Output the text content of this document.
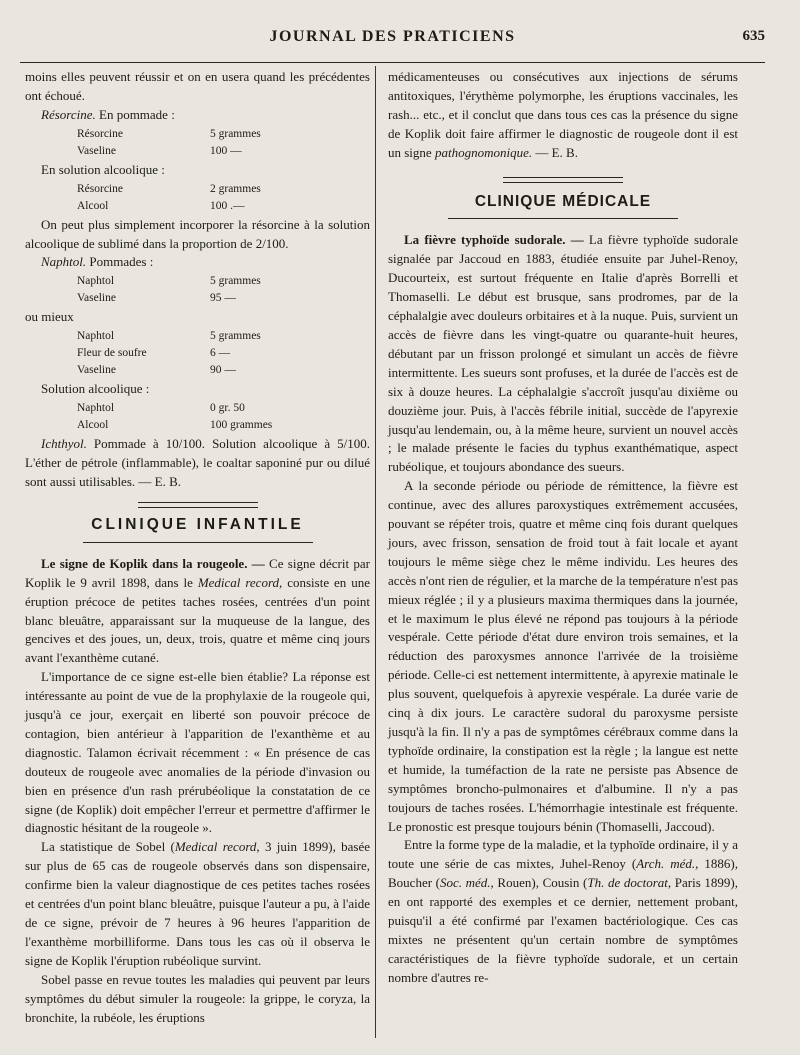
JOURNAL DES PRATICIENS	635

moins elles peuvent réussir et on en usera quand les précédentes ont échoué.

Résorcine. En pommade :

Résorcine	5 grammes
Vaseline	100 —

En solution alcoolique :

Résorcine	2 grammes
Alcool	100 .—

On peut plus simplement incorporer la résorcine à la solution alcoolique de sublimé dans la proportion de 2/100.

Naphtol. Pommades :

Naphtol	5 grammes
Vaseline	95 —

ou mieux

Naphtol	5 grammes
Fleur de soufre	6 —
Vaseline	90 —

Solution alcoolique :

Naphtol	0 gr. 50
Alcool	100 grammes

Ichthyol. Pommade à 10/100. Solution alcoolique à 5/100. L'éther de pétrole (inflammable), le coaltar saponiné pur ou dilué sont aussi utilisables. — E. B.

CLINIQUE INFANTILE

Le signe de Koplik dans la rougeole. — Ce signe décrit par Koplik le 9 avril 1898, dans le Medical record, consiste en une éruption précoce de petites taches rosées, centrées d'un point blanc bleuâtre, apparaissant sur la muqueuse de la langue, des gencives et des joues, un, deux, trois, quatre et même cinq jours avant l'exanthème cutané.

L'importance de ce signe est-elle bien établie? La réponse est intéressante au point de vue de la prophylaxie de la rougeole qui, jusqu'à ce jour, exerçait en liberté son pouvoir précoce de contagion, bien antérieur à l'apparition de l'exanthème et au diagnostic. Talamon écrivait récemment : « En présence de cas douteux de rougeole avec anomalies de la période d'invasion ou bien en présence d'un rash prérubéolique la constatation de ce signe (de Koplik) doit empêcher l'erreur et permettre d'affirmer le diagnostic hésitant de la rougeole ».

La statistique de Sobel (Medical record, 3 juin 1899), basée sur plus de 65 cas de rougeole observés dans son dispensaire, confirme bien la valeur diagnostique de ces petites taches rosées et centrées d'un point blanc bleuâtre, puisque l'auteur a pu, à l'aide de ce signe, prévoir de 7 heures à 96 heures l'apparition de l'exanthème morbilliforme. Dans tous les cas où il observa le signe de Koplik l'éruption rubéolique survint.

Sobel passe en revue toutes les maladies qui peuvent par leurs symptômes du début simuler la rougeole: la grippe, le coryza, la bronchite, la rubéole, les éruptions

médicamenteuses ou consécutives aux injections de sérums antitoxiques, l'érythème polymorphe, les éruptions vaccinales, les rash... etc., et il conclut que dans tous ces cas la présence du signe de Koplik doit faire affirmer le diagnostic de rougeole dont il est un signe pathognomonique. — E. B.

CLINIQUE MÉDICALE

La fièvre typhoïde sudorale. — La fièvre typhoïde sudorale signalée par Jaccoud en 1883, étudiée ensuite par Juhel-Renoy, Ducourteix, est surtout fréquente en Italie d'après Borrelli et Thomaselli. Le début est brusque, sans prodromes, par de la céphalalgie avec douleurs orbitaires et à la nuque. Puis, survient un accès de fièvre dans les vingt-quatre ou quarante-huit heures, débutant par un frisson prolongé et simulant un accès de fièvre intermittente. Les sueurs sont profuses, et la durée de l'accès est de six à douze heures. La céphalalgie s'accroît jusqu'au dixième ou douzième jour. Puis, à l'accès fébrile initial, succède de l'apyrexie jusqu'au lendemain, ou, à la même heure, survient un nouvel accès ; le malade présente le facies du typhus exanthématique, aspect rubéolique, et toujours abondance des sueurs.

A la seconde période ou période de rémittence, la fièvre est continue, avec des allures paroxystiques extrêmement accusées, pouvant se répéter trois, quatre et même cinq fois durant quelques jours, avec frisson, sensation de froid tout à fait locale et ayant toujours le même siège chez le même individu. Les heures des accès n'ont rien de régulier, et la marche de la température n'est pas mieux réglée ; il y a plusieurs maxima thermiques dans la journée, et le maximum le plus élevé ne répond pas toujours à la période vespérale. Cette période d'état dure environ trois semaines, et la réduction des paroxysmes annonce l'arrivée de la troisième période. Celle-ci est nettement intermittente, à apyrexie matinale le plus souvent, quelquefois à apyrexie vespérale. La durée varie de cinq à dix jours. Le caractère sudoral du paroxysme persiste jusqu'à la fin. Il n'y a pas de symptômes cérébraux comme dans la typhoïde ordinaire, la constipation est la règle ; la langue est nette et humide, la tuméfaction de la rate ne persiste pas Absence de symptômes broncho-pulmonaires et d'albumine. Il n'y a pas toujours de taches rosées. L'hémorrhagie intestinale est fréquente. Le pronostic est presque toujours bénin (Thomaselli, Jaccoud).

Entre la forme type de la maladie, et la typhoïde ordinaire, il y a toute une série de cas mixtes, Juhel-Renoy (Arch. méd., 1886), Boucher (Soc. méd., Rouen), Cousin (Th. de doctorat, Paris 1899), en ont rapporté des exemples et ce dernier, nettement probant, puisqu'il a été confirmé par l'examen bactériologique. Ces cas mixtes ne présentent qu'un certain nombre de symptômes caractéristiques de la fièvre typhoïde sudorale, et un certain nombre d'autres re-
